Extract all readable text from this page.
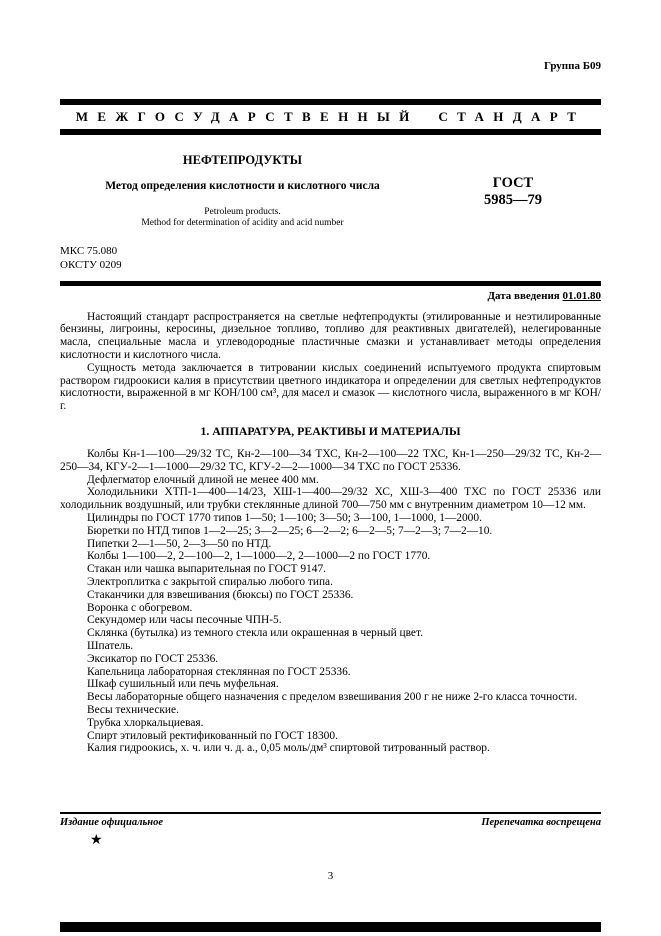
Группа Б09
МЕЖГОСУДАРСТВЕННЫЙ СТАНДАРТ
НЕФТЕПРОДУКТЫ
Метод определения кислотности и кислотного числа
Petroleum products.
Method for determination of acidity and acid number
ГОСТ
5985—79
МКС 75.080
ОКСТУ 0209
Дата введения 01.01.80

Настоящий стандарт распространяется на светлые нефтепродукты (этилированные и неэтилированные бензины, лигроины, керосины, дизельное топливо, топливо для реактивных двигателей), нелегированные масла, специальные масла и углеводородные пластичные смазки и устанавливает методы определения кислотности и кислотного числа.

Сущность метода заключается в титровании кислых соединений испытуемого продукта спиртовым раствором гидроокиси калия в присутствии цветного индикатора и определении для светлых нефтепродуктов кислотности, выраженной в мг КОН/100 см³, для масел и смазок — кислотного числа, выраженного в мг КОН/г.

1. АППАРАТУРА, РЕАКТИВЫ И МАТЕРИАЛЫ

Колбы Кн-1—100—29/32 ТС, Кн-2—100—34 ТХС, Кн-2—100—22 ТХС, Кн-1—250—29/32 ТС, Кн-2—250—34, КГУ-2—1—1000—29/32 ТС, КГУ-2—2—1000—34 ТХС по ГОСТ 25336.

Дефлегматор елочный длиной не менее 400 мм.

Холодильники ХТП-1—400—14/23, ХШ-1—400—29/32 ХС, ХШ-3—400 ТХС по ГОСТ 25336 или холодильник воздушный, или трубки стеклянные длиной 700—750 мм с внутренним диаметром 10—12 мм.

Цилиндры по ГОСТ 1770 типов 1—50; 1—100; 3—50; 3—100, 1—1000, 1—2000.

Бюретки по НТД типов 1—2—25; 3—2—25; 6—2—2; 6—2—5; 7—2—3; 7—2—10.

Пипетки 2—1—50, 2—3—50 по НТД.

Колбы 1—100—2, 2—100—2, 1—1000—2, 2—1000—2 по ГОСТ 1770.

Стакан или чашка выпарительная по ГОСТ 9147.

Электроплитка с закрытой спиралью любого типа.

Стаканчики для взвешивания (бюксы) по ГОСТ 25336.

Воронка с обогревом.

Секундомер или часы песочные ЧПН-5.

Склянка (бутылка) из темного стекла или окрашенная в черный цвет.

Шпатель.

Эксикатор по ГОСТ 25336.

Капельница лабораторная стеклянная по ГОСТ 25336.

Шкаф сушильный или печь муфельная.

Весы лабораторные общего назначения с пределом взвешивания 200 г не ниже 2-го класса точности.

Весы технические.

Трубка хлоркальциевая.

Спирт этиловый ректификованный по ГОСТ 18300.

Калия гидроокись, х. ч. или ч. д. а., 0,05 моль/дм³ спиртовой титрованный раствор.

Издание официальное	Перепечатка воспрещена
★
3
